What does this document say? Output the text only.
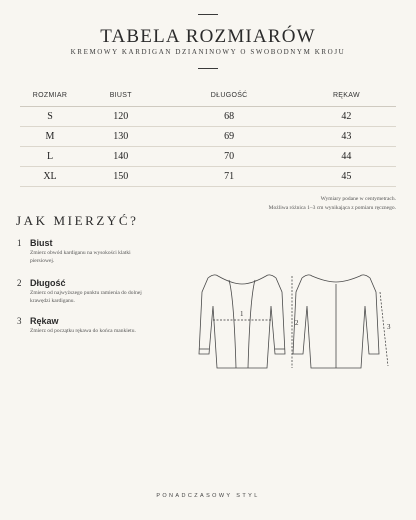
TABELA ROZMIARÓW
KREMOWY KARDIGAN DZIANINOWY O SWOBODNYM KROJU
ROZMIAR	BIUST	DŁUGOŚĆ	RĘKAW
S	120	68	42
M	130	69	43
L	140	70	44
XL	150	71	45
Wymiary podane w centymetrach.
Możliwa różnica 1–3 cm wynikająca z pomiaru ręcznego.
JAK MIERZYĆ?
1 Biust
Zmierz obwód kardiganu na wysokości klatki piersiowej.
2 Długość
Zmierz od najwyższego punktu ramienia do dolnej krawędzi kardiganu.
3 Rękaw
Zmierz od początku rękawa do końca mankietu.
1
2	3
PONADCZASOWY STYL
